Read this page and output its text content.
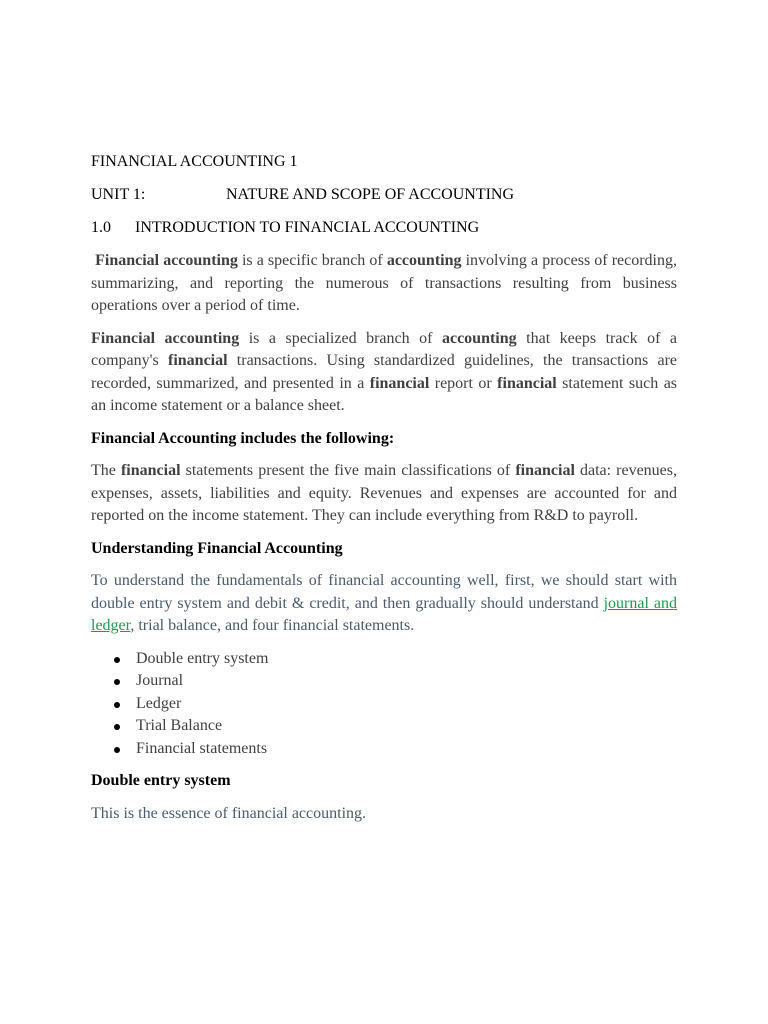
FINANCIAL ACCOUNTING 1

UNIT 1:	NATURE AND SCOPE OF ACCOUNTING

1.0 INTRODUCTION TO FINANCIAL ACCOUNTING

Financial accounting is a specific branch of accounting involving a process of recording, summarizing, and reporting the numerous of transactions resulting from business operations over a period of time.

Financial accounting is a specialized branch of accounting that keeps track of a company's financial transactions. Using standardized guidelines, the transactions are recorded, summarized, and presented in a financial report or financial statement such as an income statement or a balance sheet.

Financial Accounting includes the following:

The financial statements present the five main classifications of financial data: revenues, expenses, assets, liabilities and equity. Revenues and expenses are accounted for and reported on the income statement. They can include everything from R&D to payroll.

Understanding Financial Accounting

To understand the fundamentals of financial accounting well, first, we should start with double entry system and debit & credit, and then gradually should understand journal and ledger, trial balance, and four financial statements.

Double entry system
Journal
Ledger
Trial Balance
Financial statements

Double entry system

This is the essence of financial accounting.
